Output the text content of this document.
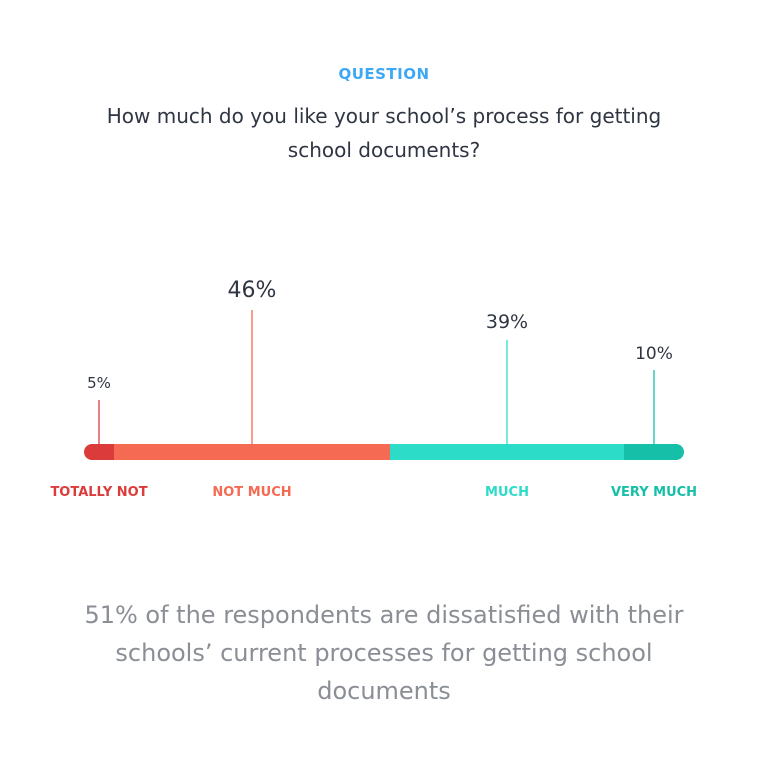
QUESTION
How much do you like your school’s process for getting school documents?
5%
TOTALLY NOT
46%
NOT MUCH
39%
MUCH
10%
VERY MUCH
51% of the respondents are dissatisfied with their schools’ current processes for getting school documents
